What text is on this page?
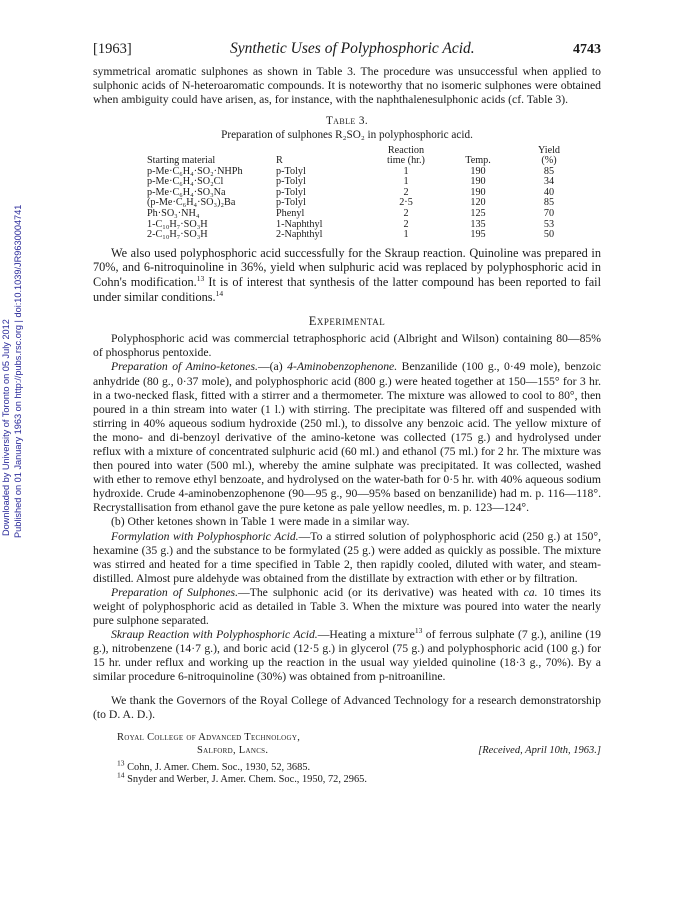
Downloaded by University of Toronto on 05 July 2012 Published on 01 January 1963 on http://pubs.rsc.org | doi:10.1039/JR9630004741
[1963]	Synthetic Uses of Polyphosphoric Acid.	4743

symmetrical aromatic sulphones as shown in Table 3. The procedure was unsuccessful when applied to sulphonic acids of N-heteroaromatic compounds. It is noteworthy that no isomeric sulphones were obtained when ambiguity could have arisen, as, for instance, with the naphthalenesulphonic acids (cf. Table 3).

Table 3.
Preparation of sulphones R₂SO₂ in polyphosphoric acid.
		Reaction		Yield
Starting material	R	time (hr.)	Temp.	(%)
p-Me·C₆H₄·SO₂·NHPh	p-Tolyl	1	190	85
p-Me·C₆H₄·SO₂Cl	p-Tolyl	1	190	34
p-Me·C₆H₄·SO₃Na	p-Tolyl	2	190	40
(p-Me·C₆H₄·SO₃)₂Ba	p-Tolyl	2·5	120	85
Ph·SO₃·NH₄	Phenyl	2	125	70
1-C₁₀H₇·SO₃H	1-Naphthyl	2	135	53
2-C₁₀H₇·SO₃H	2-Naphthyl	1	195	50

We also used polyphosphoric acid successfully for the Skraup reaction. Quinoline was prepared in 70%, and 6-nitroquinoline in 36%, yield when sulphuric acid was replaced by polyphosphoric acid in Cohn's modification.$^{13}$ It is of interest that synthesis of the latter compound has been reported to fail under similar conditions.$^{14}$

Experimental

Polyphosphoric acid was commercial tetraphosphoric acid (Albright and Wilson) containing 80—85% of phosphorus pentoxide.

Preparation of Amino-ketones.—(a) 4-Aminobenzophenone. Benzanilide (100 g., 0·49 mole), benzoic anhydride (80 g., 0·37 mole), and polyphosphoric acid (800 g.) were heated together at 150—155° for 3 hr. in a two-necked flask, fitted with a stirrer and a thermometer. The mixture was allowed to cool to 80°, then poured in a thin stream into water (1 l.) with stirring. The precipitate was filtered off and suspended with stirring in 40% aqueous sodium hydroxide (250 ml.), to dissolve any benzoic acid. The yellow mixture of the mono- and di-benzoyl derivative of the amino-ketone was collected (175 g.) and hydrolysed under reflux with a mixture of concentrated sulphuric acid (60 ml.) and ethanol (75 ml.) for 2 hr. The mixture was then poured into water (500 ml.), whereby the amine sulphate was precipitated. It was collected, washed with ether to remove ethyl benzoate, and hydrolysed on the water-bath for 0·5 hr. with 40% aqueous sodium hydroxide. Crude 4-aminobenzophenone (90—95 g., 90—95% based on benzanilide) had m. p. 116—118°. Recrystallisation from ethanol gave the pure ketone as pale yellow needles, m. p. 123—124°.

(b) Other ketones shown in Table 1 were made in a similar way.

Formylation with Polyphosphoric Acid.—To a stirred solution of polyphosphoric acid (250 g.) at 150°, hexamine (35 g.) and the substance to be formylated (25 g.) were added as quickly as possible. The mixture was stirred and heated for a time specified in Table 2, then rapidly cooled, diluted with water, and steam-distilled. Almost pure aldehyde was obtained from the distillate by extraction with ether or by filtration.

Preparation of Sulphones.—The sulphonic acid (or its derivative) was heated with ca. 10 times its weight of polyphosphoric acid as detailed in Table 3. When the mixture was poured into water the nearly pure sulphone separated.

Skraup Reaction with Polyphosphoric Acid.—Heating a mixture$^{13}$ of ferrous sulphate (7 g.), aniline (19 g.), nitrobenzene (14·7 g.), and boric acid (12·5 g.) in glycerol (75 g.) and polyphosphoric acid (100 g.) for 15 hr. under reflux and working up the reaction in the usual way yielded quinoline (18·3 g., 70%). By a similar procedure 6-nitroquinoline (30%) was obtained from p-nitroaniline.

We thank the Governors of the Royal College of Advanced Technology for a research demonstratorship (to D. A. D.).

Royal College of Advanced Technology,
Salford, Lancs.	[Received, April 10th, 1963.]
$^{13}$ Cohn, J. Amer. Chem. Soc., 1930, 52, 3685.
$^{14}$ Snyder and Werber, J. Amer. Chem. Soc., 1950, 72, 2965.
